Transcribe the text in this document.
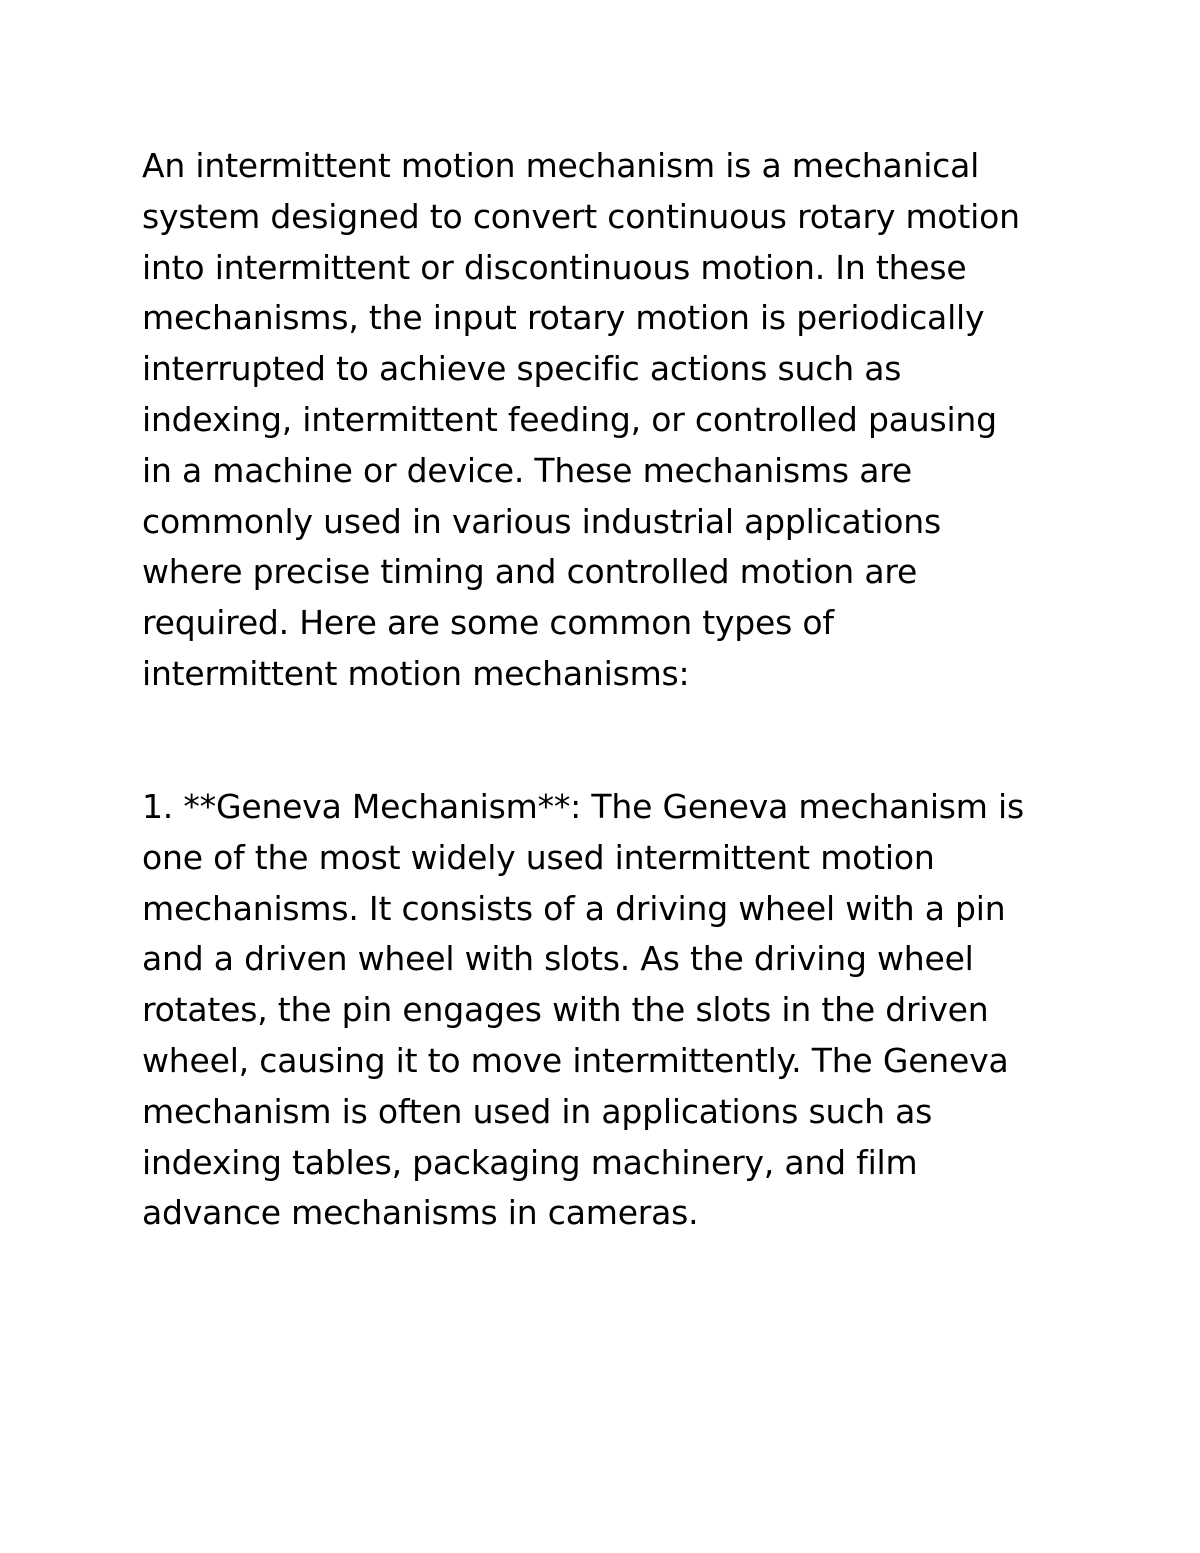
An intermittent motion mechanism is a mechanical
system designed to convert continuous rotary motion
into intermittent or discontinuous motion. In these
mechanisms, the input rotary motion is periodically
interrupted to achieve specific actions such as
indexing, intermittent feeding, or controlled pausing
in a machine or device. These mechanisms are
commonly used in various industrial applications
where precise timing and controlled motion are
required. Here are some common types of
intermittent motion mechanisms:
1. **Geneva Mechanism**: The Geneva mechanism is
one of the most widely used intermittent motion
mechanisms. It consists of a driving wheel with a pin
and a driven wheel with slots. As the driving wheel
rotates, the pin engages with the slots in the driven
wheel, causing it to move intermittently. The Geneva
mechanism is often used in applications such as
indexing tables, packaging machinery, and film
advance mechanisms in cameras.
